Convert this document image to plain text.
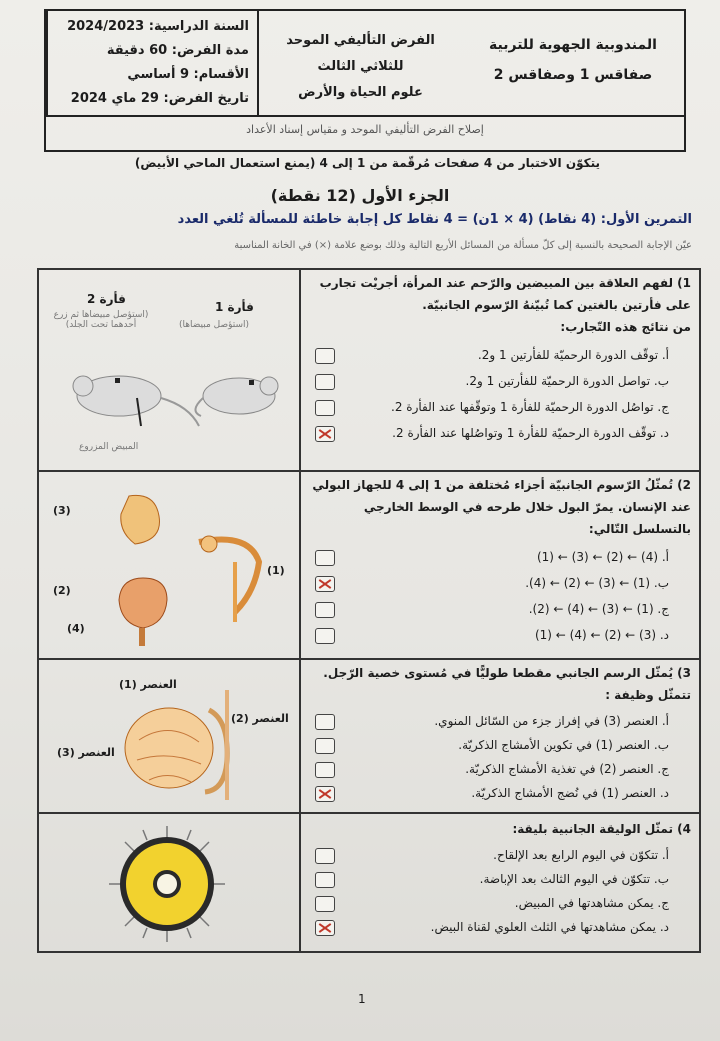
المندوبية الجهوية للتربية
صفاقس 1 وصفاقس 2
الفرض التأليفي الموحد
للثلاثي الثالث
علوم الحياة والأرض
السنة الدراسية: 2024/2023
مدة الفرض: 60 دقيقة
الأقسام: 9 أساسي
تاريخ الفرض: 29 ماي 2024
إصلاح الفرض التأليفي الموحد و مقياس إسناد الأعداد
يتكوّن الاختبار من 4 صفحات مُرقّمة من 1 إلى 4 (يمنع استعمال الماحي الأبيض)
الجزء الأول (12 نقطة)
التمرين الأول: (4 نقاط) (4 × 1ن) = 4 نقاط كل إجابة خاطئة للمسألة تُلغي العدد
عيّن الإجابة الصحيحة بالنسبة إلى كلّ مسألة من المسائل الأربع التالية وذلك بوضع علامة (×) في الخانة المناسبة
فأرة 2
(استؤصل مبيضاها ثم زرع أحدهما تحت الجلد)
فأرة 1
(استؤصل مبيضاها)
المبيض المزروع
1) لفهم العلاقة بين المبيضين والرّحم عند المرأة، أجريْت تجارب
على فأرتين بالغتين كما تُبيّنهُ الرّسوم الجانبيّة.
من نتائج هذه التّجارب:
أ. توقّف الدورة الرحميّة للفأرتين 1 و2.
ب. تواصل الدورة الرحميّة للفأرتين 1 و2.
ج. تواصُل الدورة الرحميّة للفأرة 1 وتوقّفها عند الفأرة 2.
د. توقّف الدورة الرحميّة للفأرة 1 وتواصُلها عند الفأرة 2.
(3)
(2)
(4)
(1)
2) تُمثّلُ الرّسوم الجانبيّة أجزاء مُختلفة من 1 إلى 4 للجهاز البولي
عند الإنسان. يمرّ البول خلال طرحه في الوسط الخارجي
بالتسلسل التّالي:
أ. (4) ← (2) ← (3) ← (1)
ب. (1) ← (3) ← (2) ← (4).
ج. (1) ← (3) ← (4) ← (2).
د. (3) ← (2) ← (4) ← (1)
العنصر (1)
العنصر (2)
العنصر (3)
3) يُمثّل الرسم الجانبي مقطعا طوليًّا في مُستوى خصية الرّجل.
تتمثّل وظيفة :
أ. العنصر (3) في إفراز جزء من السّائل المنوي.
ب. العنصر (1) في تكوين الأمشاج الذكريّة.
ج. العنصر (2) في تغذية الأمشاج الذكريّة.
د. العنصر (1) في نُضج الأمشاج الذكريّة.
4) تمثّل الوليقة الجانبية بليقة:
أ. تتكوّن في اليوم الرابع بعد الإلقاح.
ب. تتكوّن في اليوم الثالث بعد الإباضة.
ج. يمكن مشاهدتها في المبيض.
د. يمكن مشاهدتها في الثلث العلوي لقناة البيض.
1
